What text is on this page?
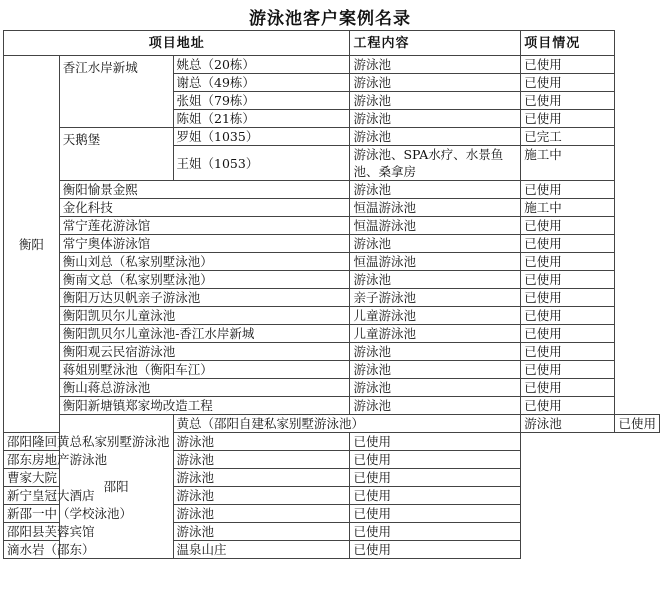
游泳池客户案例名录
项目地址			工程内容	项目情况	
衡阳	香江水岸新城	姚总（20栋）	游泳池	已使用	
		谢总（49栋）	游泳池	已使用	
		张姐（79栋）	游泳池	已使用	
		陈姐（21栋）	游泳池	已使用	
	天鹅堡	罗姐（1035）	游泳池	已完工	
		王姐（1053）	游泳池、SPA水疗、水景鱼池、桑拿房	施工中	
	衡阳愉景金熙		游泳池	已使用	
	金化科技		恒温游泳池	施工中	
	常宁莲花游泳馆		恒温游泳池	已使用	
	常宁奥体游泳馆		游泳池	已使用	
	衡山刘总（私家别墅泳池）		恒温游泳池	已使用	
	衡南文总（私家别墅泳池）		游泳池	已使用	
	衡阳万达贝帆亲子游泳池		亲子游泳池	已使用	
	衡阳凯贝尔儿童泳池		儿童游泳池	已使用	
	衡阳凯贝尔儿童泳池-香江水岸新城		儿童游泳池	已使用	
	衡阳观云民宿游泳池		游泳池	已使用	
	蒋姐别墅泳池（衡阳车江）		游泳池	已使用	
	衡山蒋总游泳池		游泳池	已使用	
	衡阳新塘镇郑家坳改造工程		游泳池	已使用	
	邵阳	黄总（邵阳自建私家别墅游泳池）		游泳池	已使用
邵阳隆回黄总私家别墅游泳池		游泳池	已使用		
邵东房地产游泳池		游泳池	已使用		
曹家大院		游泳池	已使用		
新宁皇冠大酒店		游泳池	已使用		
新邵一中（学校泳池）		游泳池	已使用		
邵阳县芙蓉宾馆		游泳池	已使用		
滴水岩（邵东）		温泉山庄	已使用		
